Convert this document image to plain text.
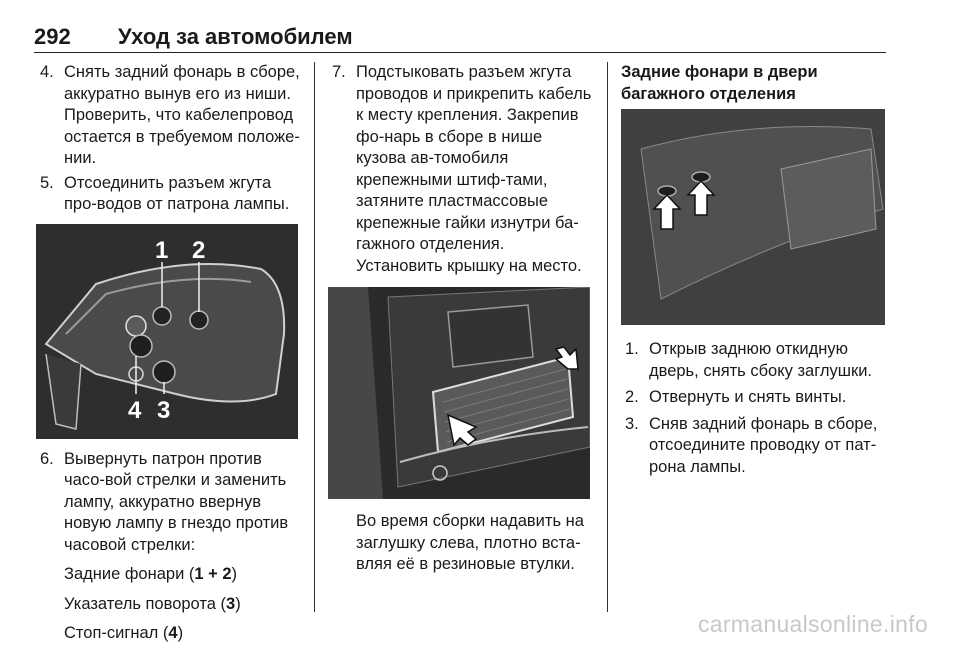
292 Уход за автомобилем

4. Снять задний фонарь в сборе, аккуратно вынув его из ниши. Проверить, что кабелепровод остается в требуемом положе-нии.

5. Отсоединить разъем жгута про-водов от патрона лампы.

1 2
4 3

6. Вывернуть патрон против часо-вой стрелки и заменить лампу, аккуратно ввернув новую лампу в гнездо против часовой стрелки:

Задние фонари (1 + 2)
Указатель поворота (3)
Стоп-сигнал (4)

7. Подстыковать разъем жгута проводов и прикрепить кабель к месту крепления. Закрепив фо-нарь в сборе в нише кузова ав-томобиля крепежными штиф-тами, затяните пластмассовые крепежные гайки изнутри ба-гажного отделения. Установить крышку на место.

Во время сборки надавить на заглушку слева, плотно вста-вляя её в резиновые втулки.

Задние фонари в двери багажного отделения

1. Открыв заднюю откидную дверь, снять сбоку заглушки.

2. Отвернуть и снять винты.

3. Сняв задний фонарь в сборе, отсоедините проводку от пат-рона лампы.

carmanualsonline.info
